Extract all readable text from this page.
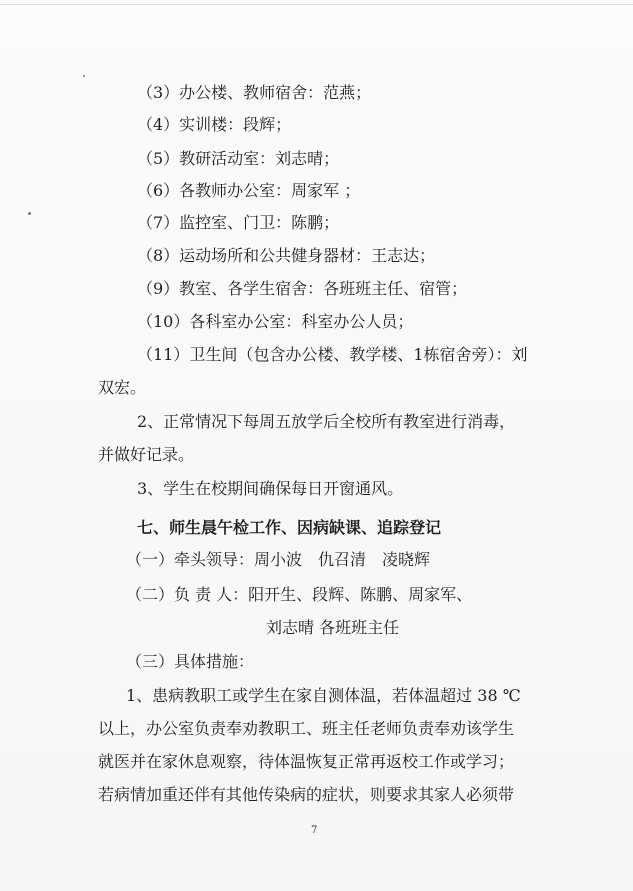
（3）办公楼、教师宿舍：范燕；

（4）实训楼：段辉；

（5）教研活动室：刘志晴；

（6）各教师办公室：周家军 ；

（7）监控室、门卫：陈鹏；

（8）运动场所和公共健身器材：王志达；

（9）教室、各学生宿舍：各班班主任、宿管；

（10）各科室办公室：科室办公人员；

（11）卫生间（包含办公楼、教学楼、1栋宿舍旁）：刘

双宏。

2、正常情况下每周五放学后全校所有教室进行消毒，

并做好记录。

3、学生在校期间确保每日开窗通风。

七、师生晨午检工作、因病缺课、追踪登记

（一）牵头领导：周小波　仇召清　凌晓辉

（二）负 责 人：阳开生、段辉、陈鹏、周家军、

刘志晴 各班班主任

（三）具体措施：

1、患病教职工或学生在家自测体温，若体温超过 38 ℃

以上，办公室负责奉劝教职工、班主任老师负责奉劝该学生

就医并在家休息观察，待体温恢复正常再返校工作或学习；

若病情加重还伴有其他传染病的症状，则要求其家人必须带

7
